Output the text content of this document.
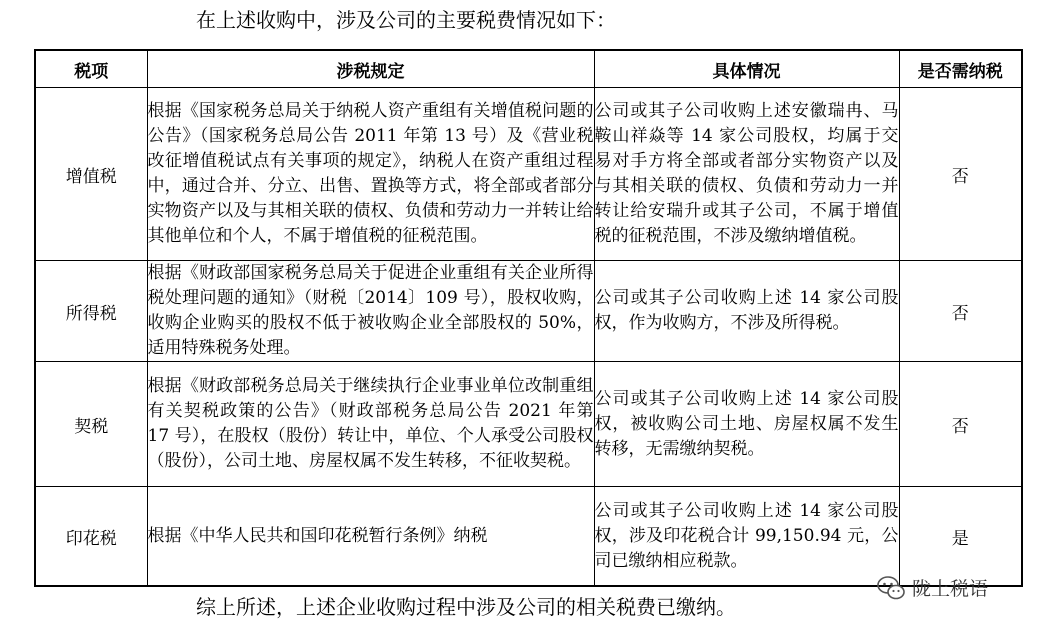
在上述收购中，涉及公司的主要税费情况如下：
税项	涉税规定	具体情况	是否需纳税
增值税	根据《国家税务总局关于纳税人资产重组有关增值税问题的公告》（国家税务总局公告 2011 年第 13 号）及《营业税改征增值税试点有关事项的规定》，纳税人在资产重组过程中，通过合并、分立、出售、置换等方式，将全部或者部分实物资产以及与其相关联的债权、负债和劳动力一并转让给其他单位和个人，不属于增值税的征税范围。	公司或其子公司收购上述安徽瑞冉、马鞍山祥焱等 14 家公司股权，均属于交易对手方将全部或者部分实物资产以及与其相关联的债权、负债和劳动力一并转让给安瑞升或其子公司，不属于增值税的征税范围，不涉及缴纳增值税。	否
所得税	根据《财政部国家税务总局关于促进企业重组有关企业所得税处理问题的通知》（财税〔2014〕109 号），股权收购，收购企业购买的股权不低于被收购企业全部股权的 50%，适用特殊税务处理。	公司或其子公司收购上述 14 家公司股权，作为收购方，不涉及所得税。	否
契税	根据《财政部税务总局关于继续执行企业事业单位改制重组有关契税政策的公告》（财政部税务总局公告 2021 年第 17 号），在股权（股份）转让中，单位、个人承受公司股权（股份），公司土地、房屋权属不发生转移，不征收契税。	公司或其子公司收购上述 14 家公司股权，被收购公司土地、房屋权属不发生转移，无需缴纳契税。	否
印花税	根据《中华人民共和国印花税暂行条例》纳税	公司或其子公司收购上述 14 家公司股权，涉及印花税合计 99,150.94 元，公司已缴纳相应税款。	是
综上所述，上述企业收购过程中涉及公司的相关税费已缴纳。
陇上税语
